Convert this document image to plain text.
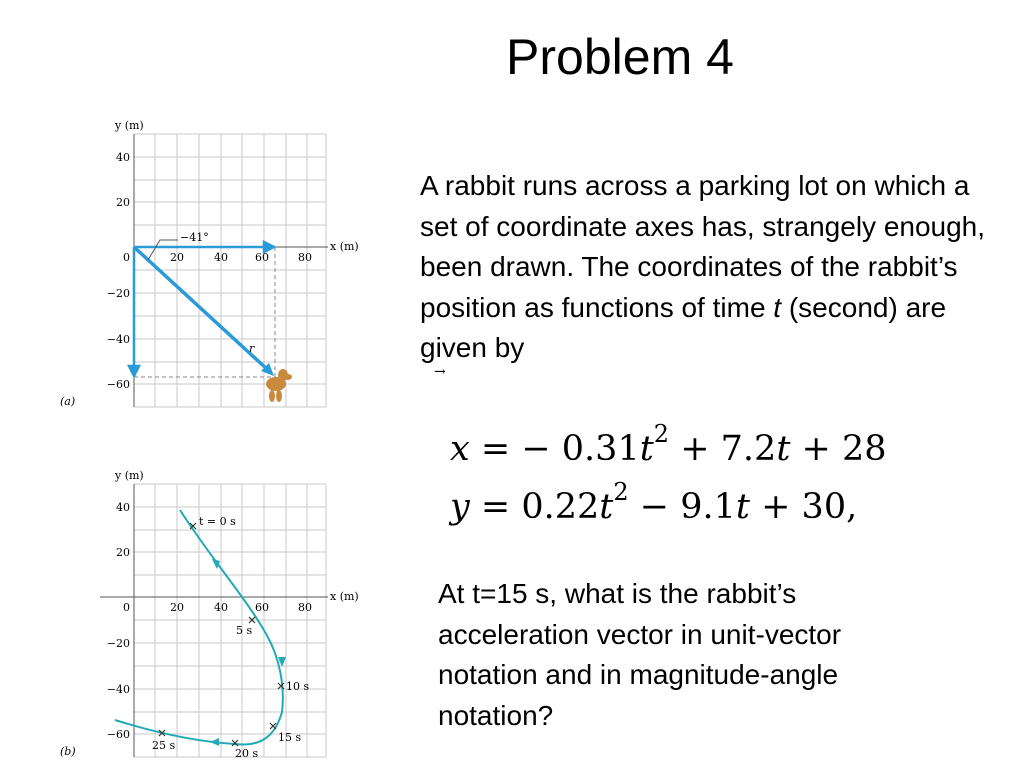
Problem 4
A rabbit runs across a parking lot on which a set of coordinate axes has, strangely enough, been drawn. The coordinates of the rabbit’s position as functions of time t (second) are given by
→
x = − $0.31t^2 + 7.2t + 28$
$y = 0.22t^2 - 9.1t + 30$,
At t=15 s, what is the rabbit’s acceleration vector in unit-vector notation and in magnitude-angle notation?
−41°
r
y (m)
x (m)
40
20
0
−20
−40
−60
20	40 60	80
(a)
t = 0 s
5 s
10 s
15 s
20 s
25 s
y (m)
x (m)
40
20
0
−20
−40
−60
20	40 60	80
(b)
